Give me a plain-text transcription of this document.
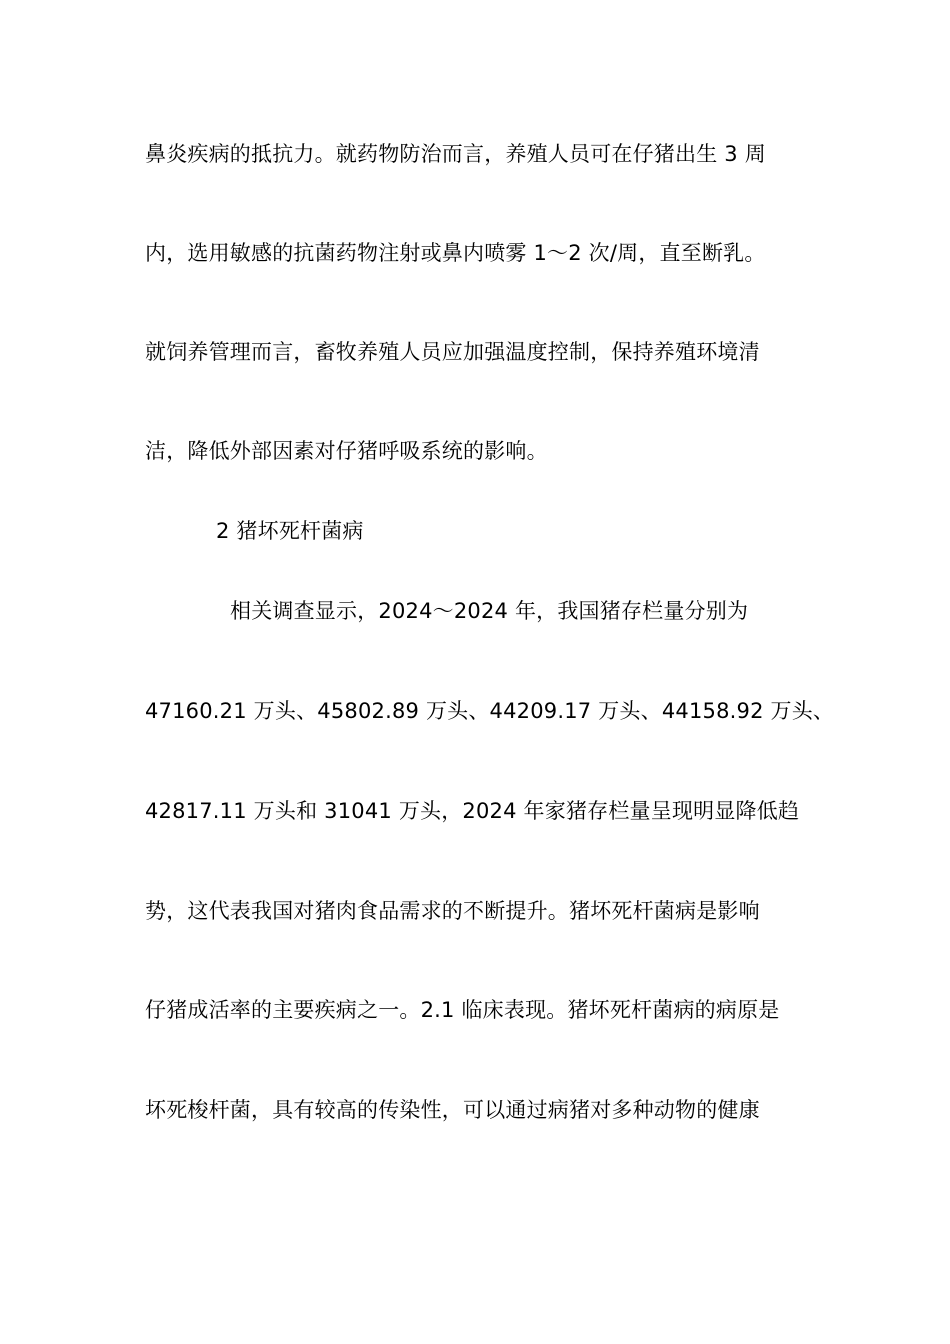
鼻炎疾病的抵抗力。就药物防治而言，养殖人员可在仔猪出生 3 周
内，选用敏感的抗菌药物注射或鼻内喷雾 1～2 次/周，直至断乳。
就饲养管理而言，畜牧养殖人员应加强温度控制，保持养殖环境清
洁，降低外部因素对仔猪呼吸系统的影响。
2 猪坏死杆菌病
相关调查显示，2024～2024 年，我国猪存栏量分别为
47160.21 万头、45802.89 万头、44209.17 万头、44158.92 万头、
42817.11 万头和 31041 万头，2024 年家猪存栏量呈现明显降低趋
势，这代表我国对猪肉食品需求的不断提升。猪坏死杆菌病是影响
仔猪成活率的主要疾病之一。2.1 临床表现。猪坏死杆菌病的病原是
坏死梭杆菌，具有较高的传染性，可以通过病猪对多种动物的健康
